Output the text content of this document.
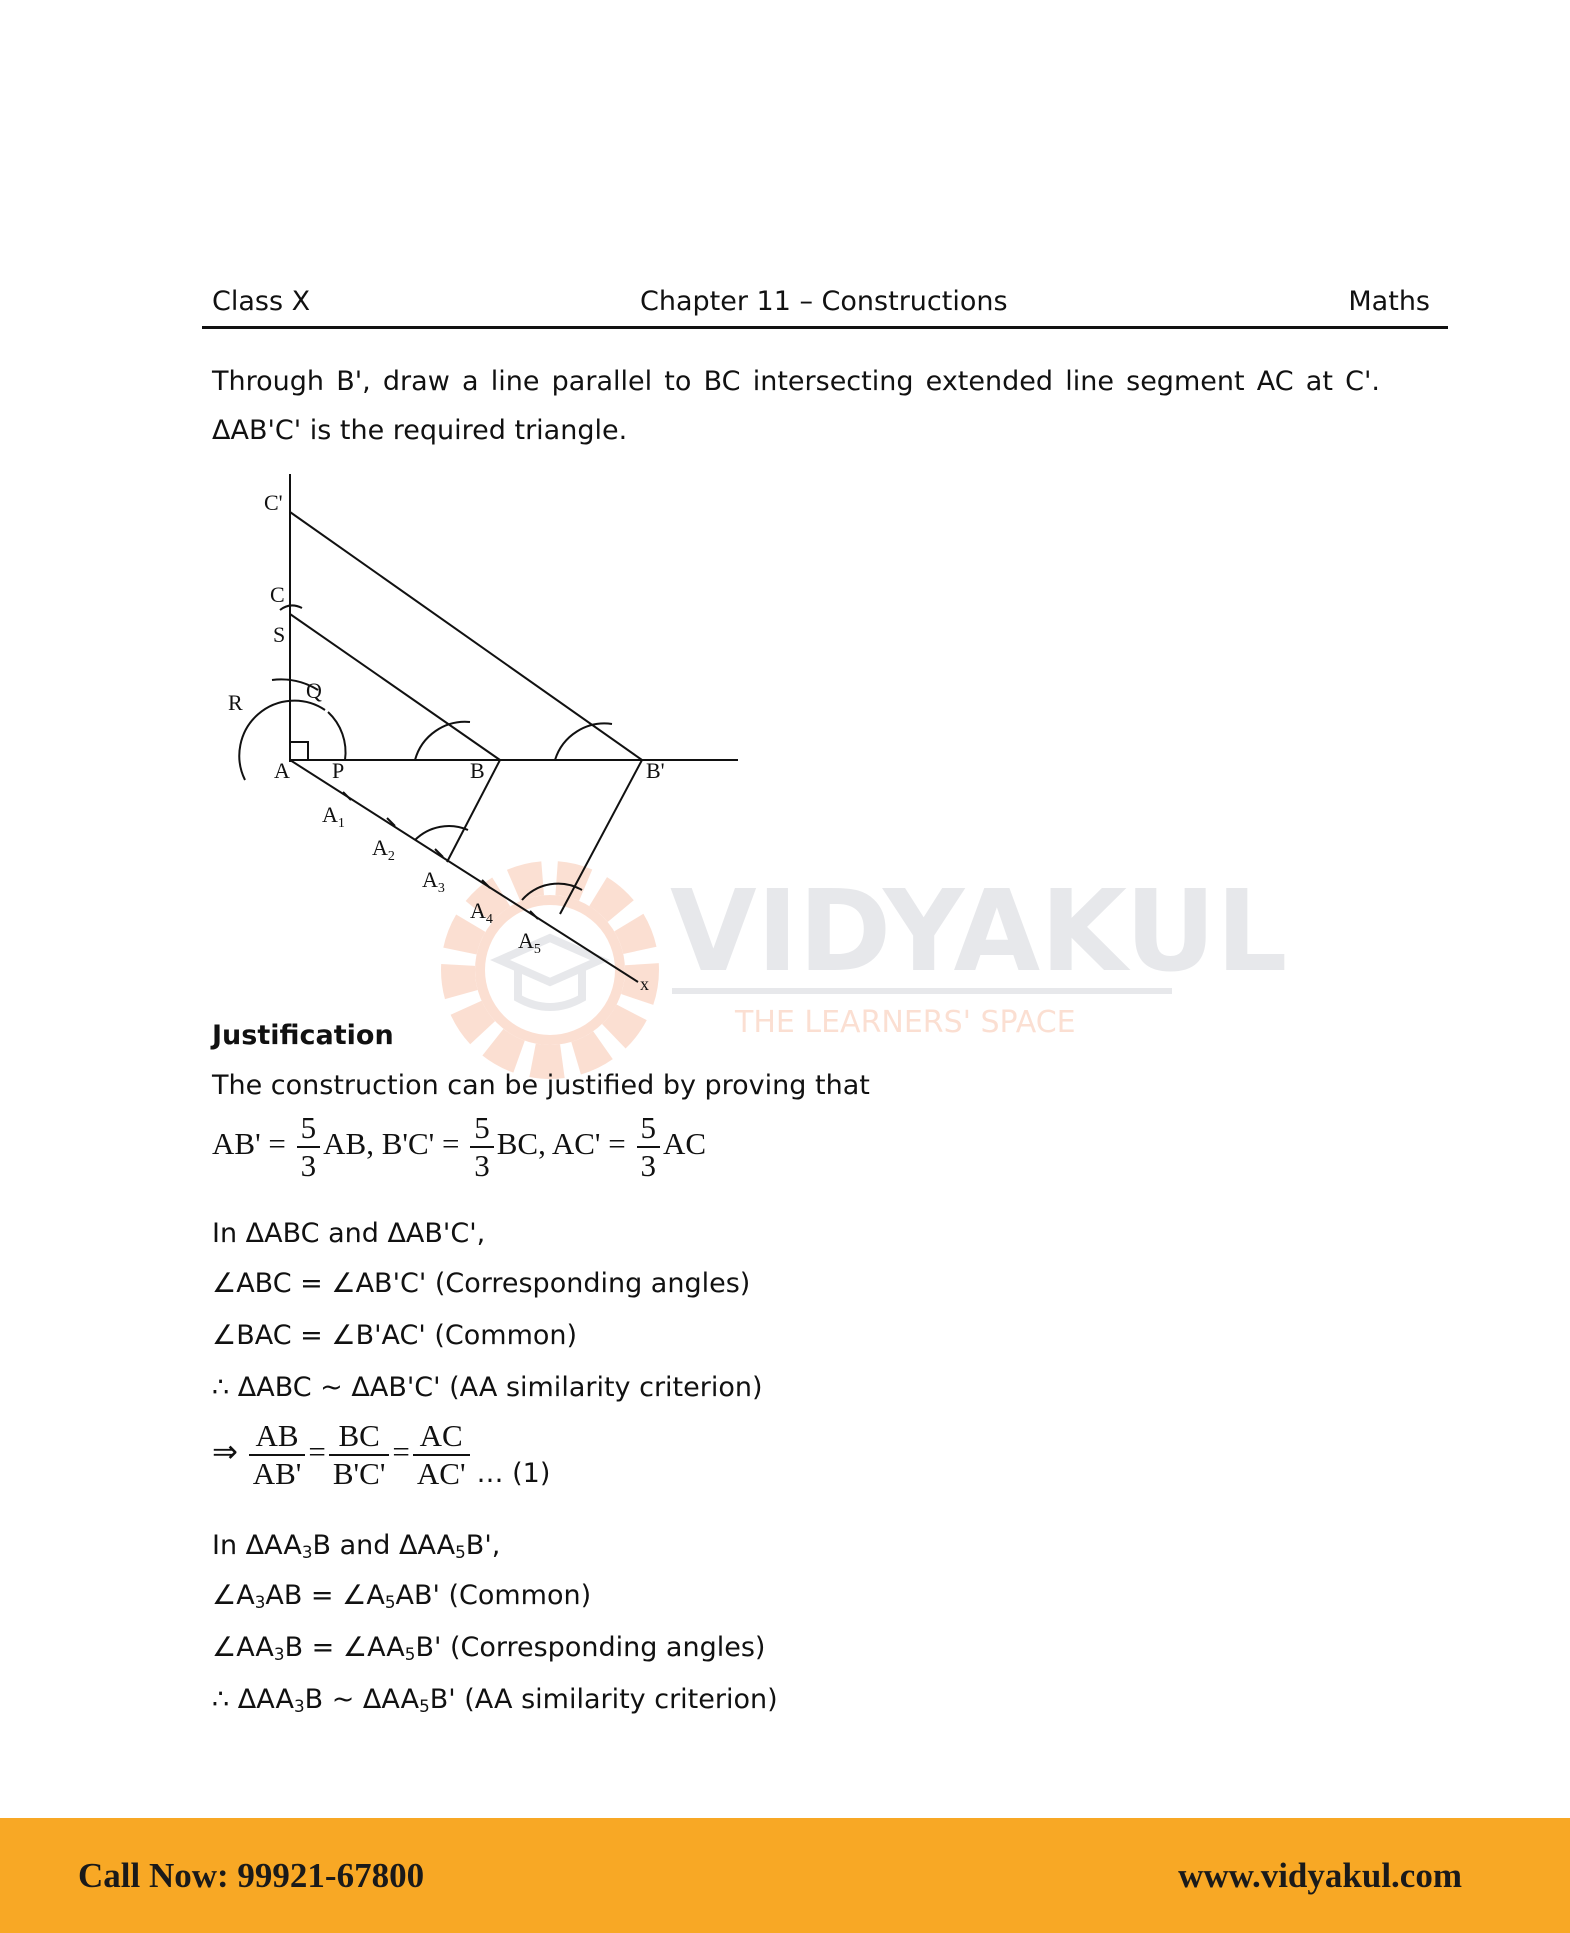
Class X	Chapter 11 – Constructions	Maths
Through B', draw a line parallel to BC intersecting extended line segment AC at C'.
ΔAB'C' is the required triangle.
VIDYAKUL
THE LEARNERS' SPACE
C'
C
S
R	Q
A P	B	B'
$A_1$
$A_2$
$A_3$
$A_4$
$A_5$
x
Justification
The construction can be justified by proving that
$AB' = \frac{5}{3}$ AB, $B'C' = \frac{5}{3}$ BC, $AC' = \frac{5}{3}$ AC
In ΔABC and ΔAB'C',
∠ABC = ∠AB'C' (Corresponding angles)
∠BAC = ∠B'AC' (Common)
∴ ΔABC ~ ΔAB'C' (AA similarity criterion)
⇒ $\frac{AB}{AB'} = \frac{BC}{B'C'} = \frac{AC}{AC'}$ … (1)
In $\Delta AA_3B$ and $\Delta AA_5B'$,
$\angle A_3AB$ = $\angle A_5AB'$ (Common)
$\angle AA_3B$ = $\angle AA_5B'$ (Corresponding angles)
∴ $\Delta AA_3B$ ~ $\Delta AA_5B'$ (AA similarity criterion)
Call Now: 99921-67800	www.vidyakul.com
